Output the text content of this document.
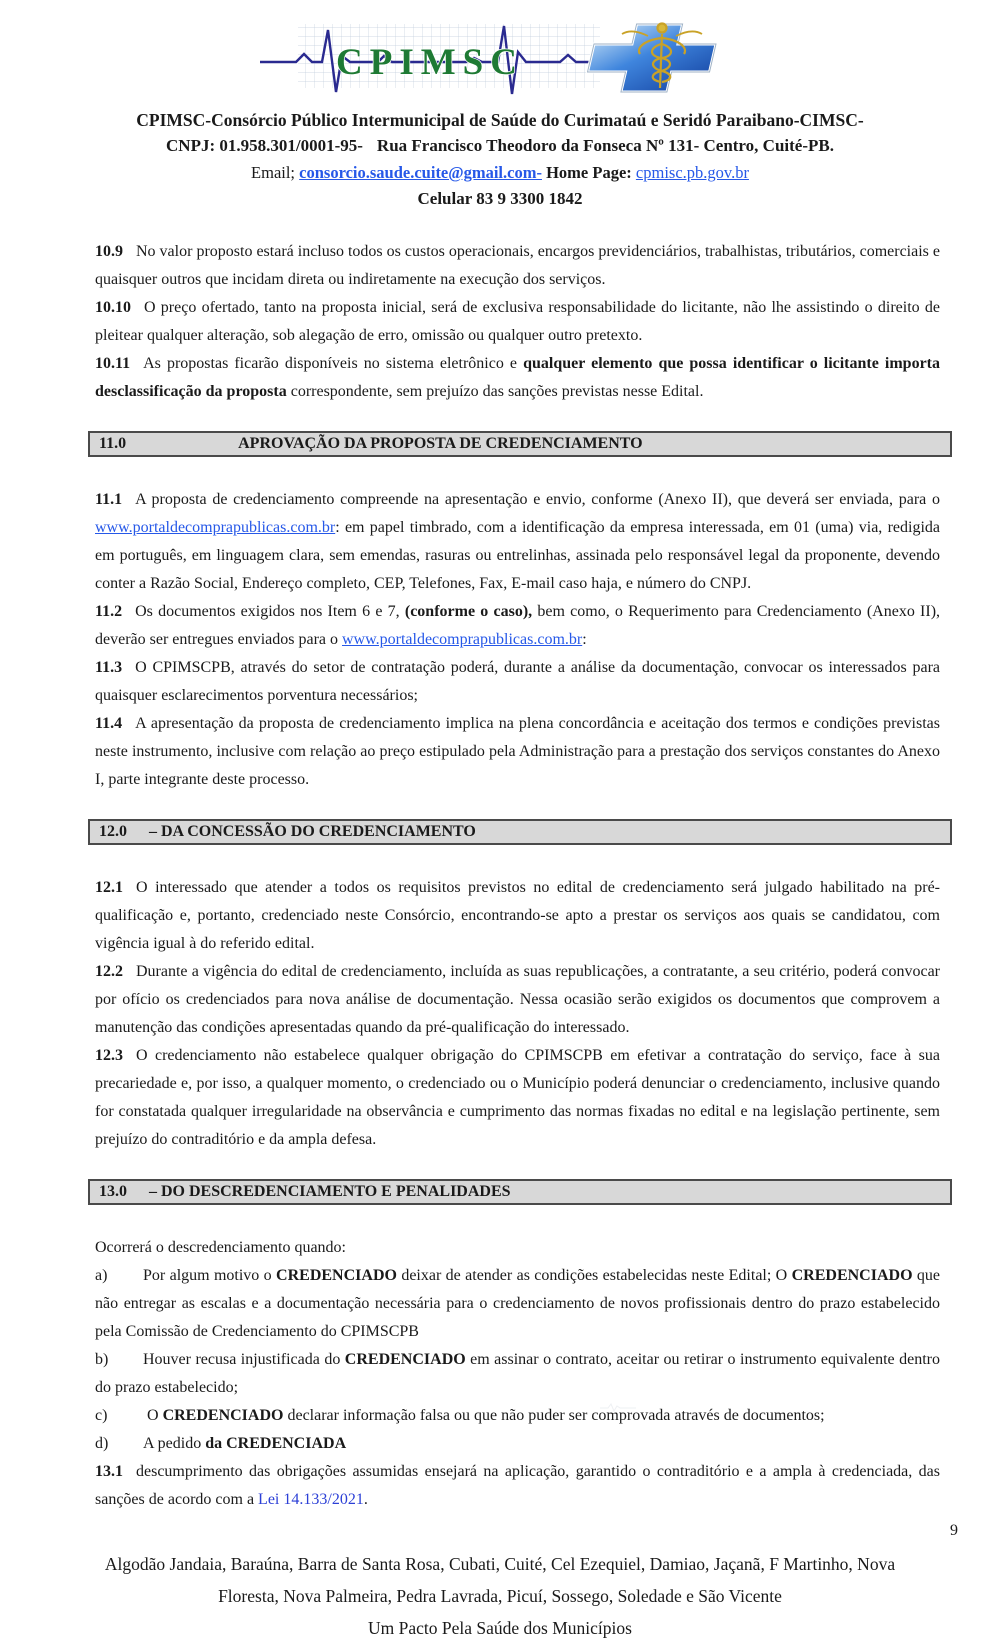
CPIMSC
CPIMSC-Consórcio Público Intermunicipal de Saúde do Curimataú e Seridó Paraibano-CIMSC-
CNPJ: 01.958.301/0001-95- Rua Francisco Theodoro da Fonseca Nº 131- Centro, Cuité-PB.
Email; consorcio.saude.cuite@gmail.com- Home Page: cpmisc.pb.gov.br
Celular 83 9 3300 1842

10.9 No valor proposto estará incluso todos os custos operacionais, encargos previdenciários, trabalhistas, tributários, comerciais e quaisquer outros que incidam direta ou indiretamente na execução dos serviços.

10.10 O preço ofertado, tanto na proposta inicial, será de exclusiva responsabilidade do licitante, não lhe assistindo o direito de pleitear qualquer alteração, sob alegação de erro, omissão ou qualquer outro pretexto.

10.11 As propostas ficarão disponíveis no sistema eletrônico e qualquer elemento que possa identificar o licitante importa desclassificação da proposta correspondente, sem prejuízo das sanções previstas nesse Edital.

11.0	APROVAÇÃO DA PROPOSTA DE CREDENCIAMENTO

11.1 A proposta de credenciamento compreende na apresentação e envio, conforme (Anexo II), que deverá ser enviada, para o www.portaldecomprapublicas.com.br: em papel timbrado, com a identificação da empresa interessada, em 01 (uma) via, redigida em português, em linguagem clara, sem emendas, rasuras ou entrelinhas, assinada pelo responsável legal da proponente, devendo conter a Razão Social, Endereço completo, CEP, Telefones, Fax, E-mail caso haja, e número do CNPJ.

11.2 Os documentos exigidos nos Item 6 e 7, (conforme o caso), bem como, o Requerimento para Credenciamento (Anexo II), deverão ser entregues enviados para o www.portaldecomprapublicas.com.br:

11.3 O CPIMSCPB, através do setor de contratação poderá, durante a análise da documentação, convocar os interessados para quaisquer esclarecimentos porventura necessários;

11.4 A apresentação da proposta de credenciamento implica na plena concordância e aceitação dos termos e condições previstas neste instrumento, inclusive com relação ao preço estipulado pela Administração para a prestação dos serviços constantes do Anexo I, parte integrante deste processo.

12.0 – DA CONCESSÃO DO CREDENCIAMENTO

12.1 O interessado que atender a todos os requisitos previstos no edital de credenciamento será julgado habilitado na pré-qualificação e, portanto, credenciado neste Consórcio, encontrando-se apto a prestar os serviços aos quais se candidatou, com vigência igual à do referido edital.

12.2 Durante a vigência do edital de credenciamento, incluída as suas republicações, a contratante, a seu critério, poderá convocar por ofício os credenciados para nova análise de documentação. Nessa ocasião serão exigidos os documentos que comprovem a manutenção das condições apresentadas quando da pré-qualificação do interessado.

12.3 O credenciamento não estabelece qualquer obrigação do CPIMSCPB em efetivar a contratação do serviço, face à sua precariedade e, por isso, a qualquer momento, o credenciado ou o Município poderá denunciar o credenciamento, inclusive quando for constatada qualquer irregularidade na observância e cumprimento das normas fixadas no edital e na legislação pertinente, sem prejuízo do contraditório e da ampla defesa.

13.0 – DO DESCREDENCIAMENTO E PENALIDADES

Ocorrerá o descredenciamento quando:

a) Por algum motivo o CREDENCIADO deixar de atender as condições estabelecidas neste Edital; O CREDENCIADO que não entregar as escalas e a documentação necessária para o credenciamento de novos profissionais dentro do prazo estabelecido pela Comissão de Credenciamento do CPIMSCPB

b) Houver recusa injustificada do CREDENCIADO em assinar o contrato, aceitar ou retirar o instrumento equivalente dentro do prazo estabelecido;

c) O CREDENCIADO declarar informação falsa ou que não puder ser comprovada através de documentos;

d) A pedido da CREDENCIADA

13.1 descumprimento das obrigações assumidas ensejará na aplicação, garantido o contraditório e a ampla à credenciada, das sanções de acordo com a Lei 14.133/2021.

9
Algodão Jandaia, Baraúna, Barra de Santa Rosa, Cubati, Cuité, Cel Ezequiel, Damiao, Jaçanã, F Martinho, Nova Floresta, Nova Palmeira, Pedra Lavrada, Picuí, Sossego, Soledade e São Vicente
Um Pacto Pela Saúde dos Municípios
